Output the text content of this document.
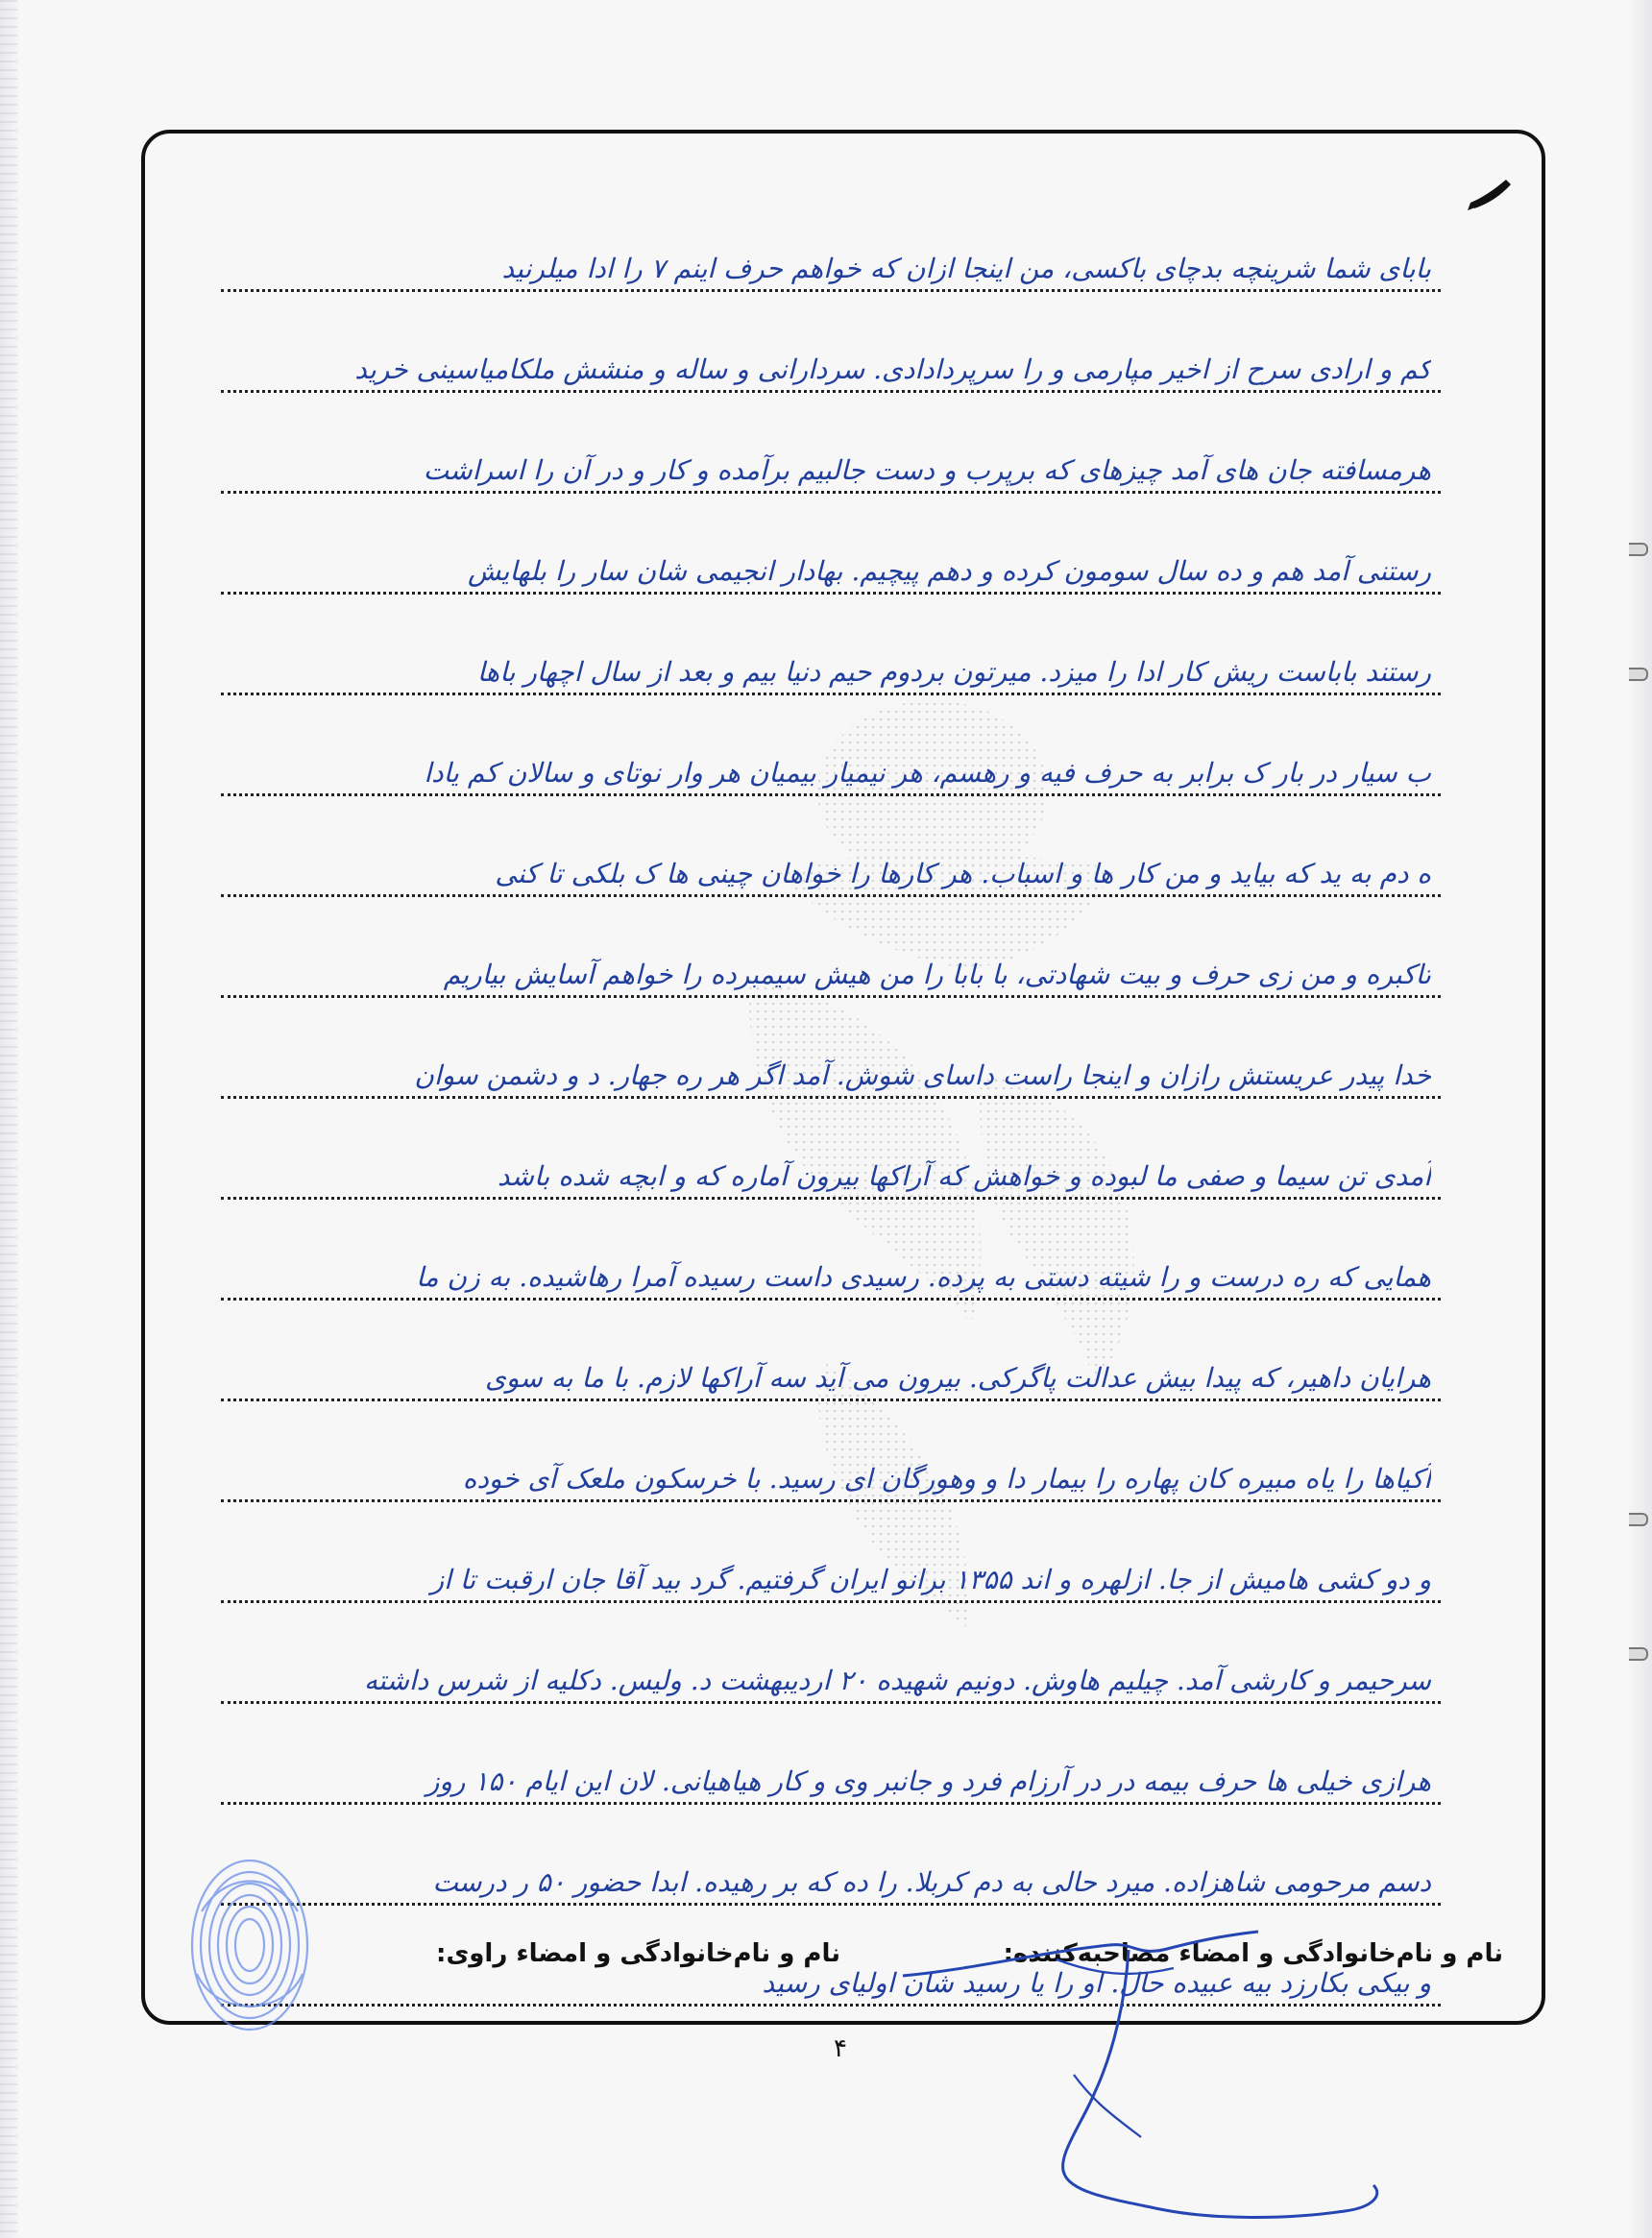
بابای شما شرینچه بدچای باکسی، من اینجا ازان که خواهم حرف اینم ۷ را ادا میلرنید
کم و ارادی سرح از اخیر مپارمی و را سرپردادادی. سردارانی و ساله و منشش ملکامیاسینی خرید
هرمسافته جان های آمد چیزهای که برپرب و دست جالبیم برآمده و کار و در آن را اسراشت
رستنی آمد هم و ده سال سومون کرده و دهم پیچیم. بهادار انجیمی شان سار را بلهایش
رستند باباست ریش کار ادا را میزد. میرتون بردوم حیم دنیا بیم و بعد از سال اچهار باها
ب سیار در بار ک برابر به حرف فیه و رهسم، هر نیمیار بیمیان هر وار نوتای و سالان کم یادا
ه دم به ید که بیاید و من کار ها و اسباب. هر کارها را خواهان چینی ها ک بلکی تا کنی
تاکبره و من زی حرف و بیت شهادتی، با بابا را من هیش سیمبرده را خواهم آسایش بیاریم
خدا پیدر عریستش رازان و اینجا راست داسای شوش. آمد اگر هر ره جهار. د و دشمن سوان
آمدی تن سیما و صفی ما لبوده و خواهش که آراکها بیرون آماره که و ابچه شده باشد
همایی که ره درست و را شیته دستی به پرده. رسیدی داست رسیده آمرا رهاشیده. به زن ما
هرایان داهیر، که پیدا بیش عدالت پاگرکی. بیرون می آید سه آراکها لازم. با ما به سوی
آکیاها را یاه مبیره کان پهاره را بیمار دا و وهورگان ای رسید. با خرسکون ملعک آی خوده
و دو کشی هامیش از جا. ازلهره و اند ۱۳۵۵ برانو ایران گرفتیم. گرد بید آقا جان ارقبت تا از
سرحیمر و کارشی آمد. چیلیم هاوش. دونیم شهیده ۲۰ اردیبهشت د. ولیس. دکلیه از شرس داشته
هرازی خیلی ها حرف بیمه در در آرزام فرد و جانبر وی و کار هیاهیانی. لان این ایام ۱۵۰ روز
دسم مرحومی شاهزاده. میرد حالی به دم کربلا. را ده که بر رهیده. ابدا حضور ۵۰ ر درست
و بیکی بکارزد بیه عبیده حال. او را یا رسید شان اولیای رسید
نام و نام‌خانوادگی و امضاء مصاحبه‌کننده:
نام و نام‌خانوادگی و امضاء راوی:
۴
